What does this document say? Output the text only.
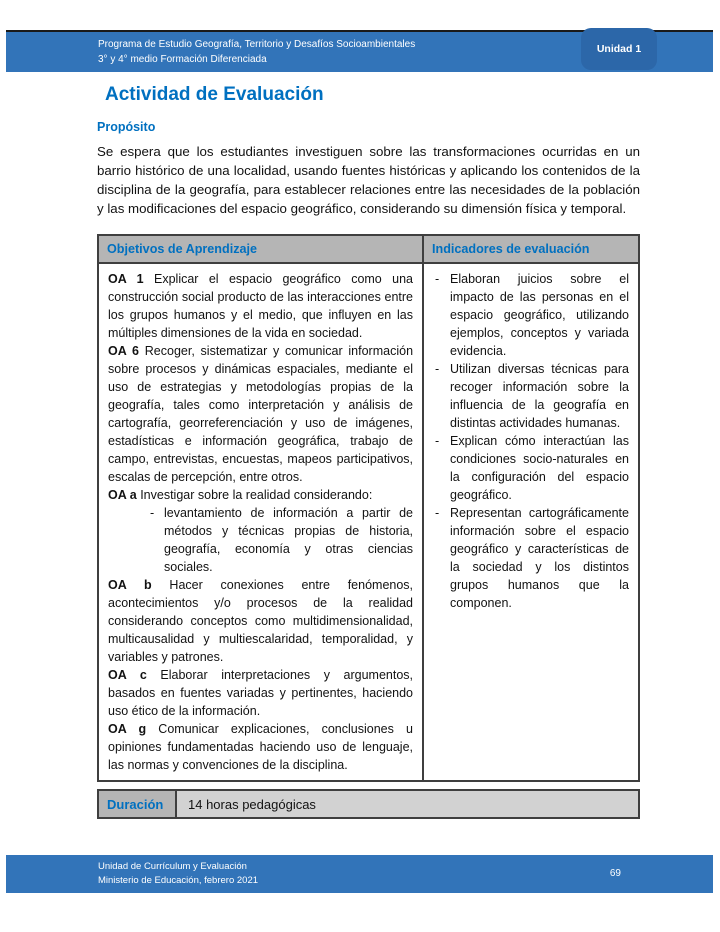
Programa de Estudio Geografía, Territorio y Desafíos Socioambientales
3° y 4° medio Formación Diferenciada
Unidad 1
Actividad de Evaluación
Propósito
Se espera que los estudiantes investiguen sobre las transformaciones ocurridas en un barrio histórico de una localidad, usando fuentes históricas y aplicando los contenidos de la disciplina de la geografía, para establecer relaciones entre las necesidades de la población y las modificaciones del espacio geográfico, considerando su dimensión física y temporal.
Objetivos de Aprendizaje	Indicadores de evaluación
OA 1 Explicar el espacio geográfico como una construcción social producto de las interacciones entre los grupos humanos y el medio, que influyen en las múltiples dimensiones de la vida en sociedad.
OA 6 Recoger, sistematizar y comunicar información sobre procesos y dinámicas espaciales, mediante el uso de estrategias y metodologías propias de la geografía, tales como interpretación y análisis de cartografía, georreferenciación y uso de imágenes, estadísticas e información geográfica, trabajo de campo, entrevistas, encuestas, mapeos participativos, escalas de percepción, entre otros.
OA a Investigar sobre la realidad considerando:
- levantamiento de información a partir de métodos y técnicas propias de historia, geografía, economía y otras ciencias sociales.
OA b Hacer conexiones entre fenómenos, acontecimientos y/o procesos de la realidad considerando conceptos como multidimensionalidad, multicausalidad y multiescalaridad, temporalidad, y variables y patrones.
OA c Elaborar interpretaciones y argumentos, basados en fuentes variadas y pertinentes, haciendo uso ético de la información.
OA g Comunicar explicaciones, conclusiones u opiniones fundamentadas haciendo uso de lenguaje, las normas y convenciones de la disciplina.
- Elaboran juicios sobre el impacto de las personas en el espacio geográfico, utilizando ejemplos, conceptos y variada evidencia.
- Utilizan diversas técnicas para recoger información sobre la influencia de la geografía en distintas actividades humanas.
- Explican cómo interactúan las condiciones socio-naturales en la configuración del espacio geográfico.
- Representan cartográficamente información sobre el espacio geográfico y características de la sociedad y los distintos grupos humanos que la componen.
Duración	14 horas pedagógicas
Unidad de Currículum y Evaluación
Ministerio de Educación, febrero 2021
69
